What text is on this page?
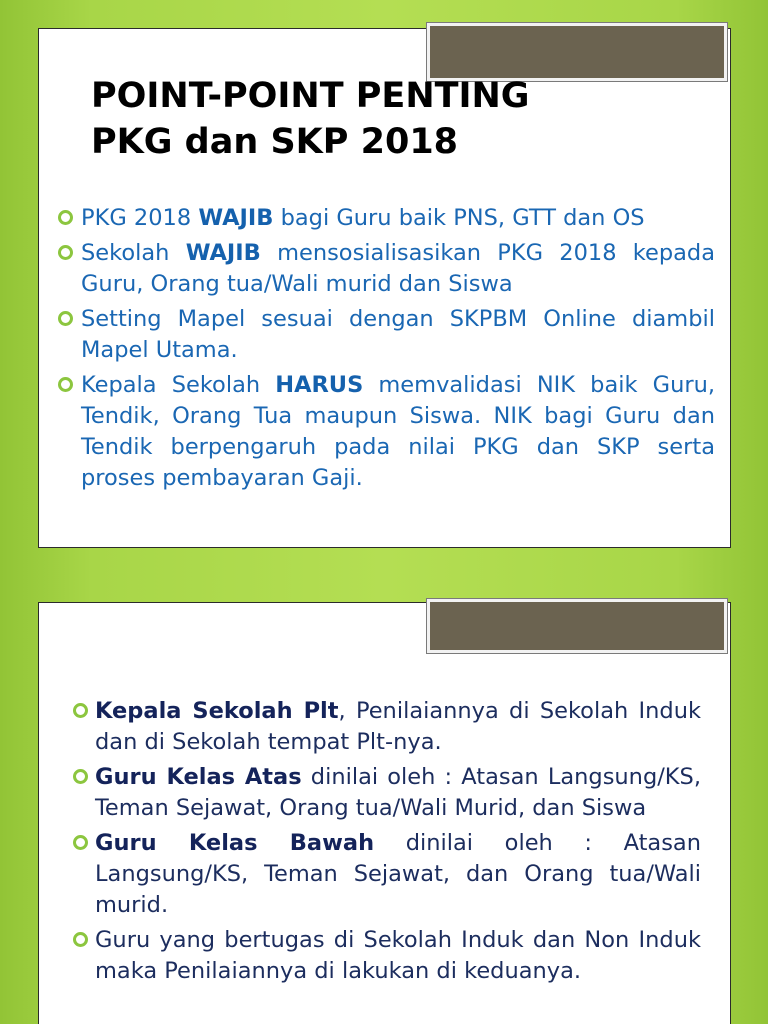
POINT-POINT PENTING
PKG dan SKP 2018
PKG 2018 WAJIB bagi Guru baik PNS, GTT dan OS
Sekolah WAJIB mensosialisasikan PKG 2018 kepada Guru, Orang tua/Wali murid dan Siswa
Setting Mapel sesuai dengan SKPBM Online diambil Mapel Utama.
Kepala Sekolah HARUS memvalidasi NIK baik Guru, Tendik, Orang Tua maupun Siswa. NIK bagi Guru dan Tendik berpengaruh pada nilai PKG dan SKP serta proses pembayaran Gaji.
Kepala Sekolah Plt, Penilaiannya di Sekolah Induk dan di Sekolah tempat Plt-nya.
Guru Kelas Atas dinilai oleh : Atasan Langsung/KS, Teman Sejawat, Orang tua/Wali Murid, dan Siswa
Guru Kelas Bawah dinilai oleh : Atasan Langsung/KS, Teman Sejawat, dan Orang tua/Wali murid.
Guru yang bertugas di Sekolah Induk dan Non Induk maka Penilaiannya di lakukan di keduanya.
